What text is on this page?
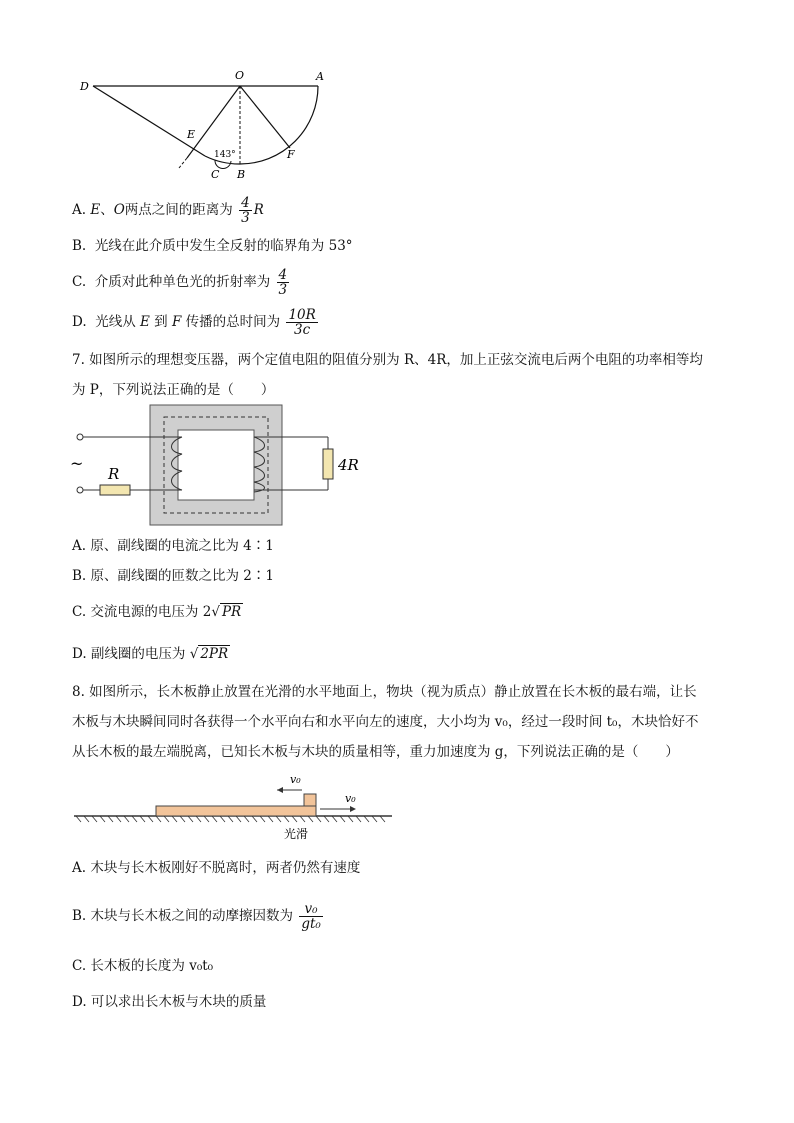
D
O	A
E
C B
F
143°
A. E、O两点之间的距离为 $\frac{4}{3}$ R
B. 光线在此介质中发生全反射的临界角为 53°
C. 介质对此种单色光的折射率为 $\frac{4}{3}$
D. 光线从 E 到 F 传播的总时间为 $\frac{10R}{3c}$
7. 如图所示的理想变压器，两个定值电阻的阻值分别为 R、4R，加上正弦交流电后两个电阻的功率相等均
为 P，下列说法正确的是（　　）
~
R	4R
A. 原、副线圈的电流之比为 4∶1
B. 原、副线圈的匝数之比为 2∶1
C. 交流电源的电压为 2√ PR
D. 副线圈的电压为 √ 2PR
8. 如图所示，长木板静止放置在光滑的水平地面上，物块（视为质点）静止放置在长木板的最右端，让长
木板与木块瞬间同时各获得一个水平向右和水平向左的速度，大小均为 v₀，经过一段时间 t₀，木块恰好不
从长木板的最左端脱离，已知长木板与木块的质量相等，重力加速度为 g，下列说法正确的是（　　）
v₀
v₀
光滑
A. 木块与长木板刚好不脱离时，两者仍然有速度
B. 木块与长木板之间的动摩擦因数为 $\frac{\text{v₀}}{\text{gt₀}}$
C. 长木板的长度为 v₀t₀
D. 可以求出长木板与木块的质量
